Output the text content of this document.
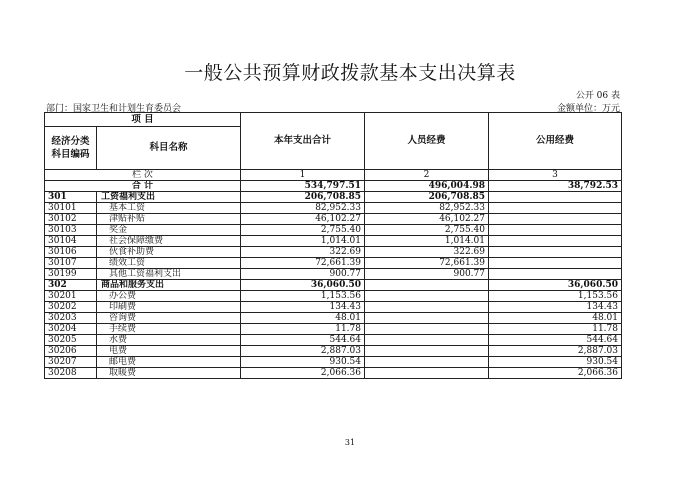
一般公共预算财政拨款基本支出决算表
公开 06 表
部门：国家卫生和计划生育委员会	金额单位：万元
项 目		本年支出合计	人员经费	公用经费
经济分类
科目编码	科目名称			
栏 次		1	2	3
合 计		534,797.51	496,004.98	38,792.53
301	工资福利支出	206,708.85	206,708.85	
30101	基本工资	82,952.33	82,952.33	
30102	津贴补贴	46,102.27	46,102.27	
30103	奖金	2,755.40	2,755.40	
30104	社会保障缴费	1,014.01	1,014.01	
30106	伙食补助费	322.69	322.69	
30107	绩效工资	72,661.39	72,661.39	
30199	其他工资福利支出	900.77	900.77	
302	商品和服务支出	36,060.50		36,060.50
30201	办公费	1,153.56		1,153.56
30202	印刷费	134.43		134.43
30203	咨询费	48.01		48.01
30204	手续费	11.78		11.78
30205	水费	544.64		544.64
30206	电费	2,887.03		2,887.03
30207	邮电费	930.54		930.54
30208	取暖费	2,066.36		2,066.36
31
